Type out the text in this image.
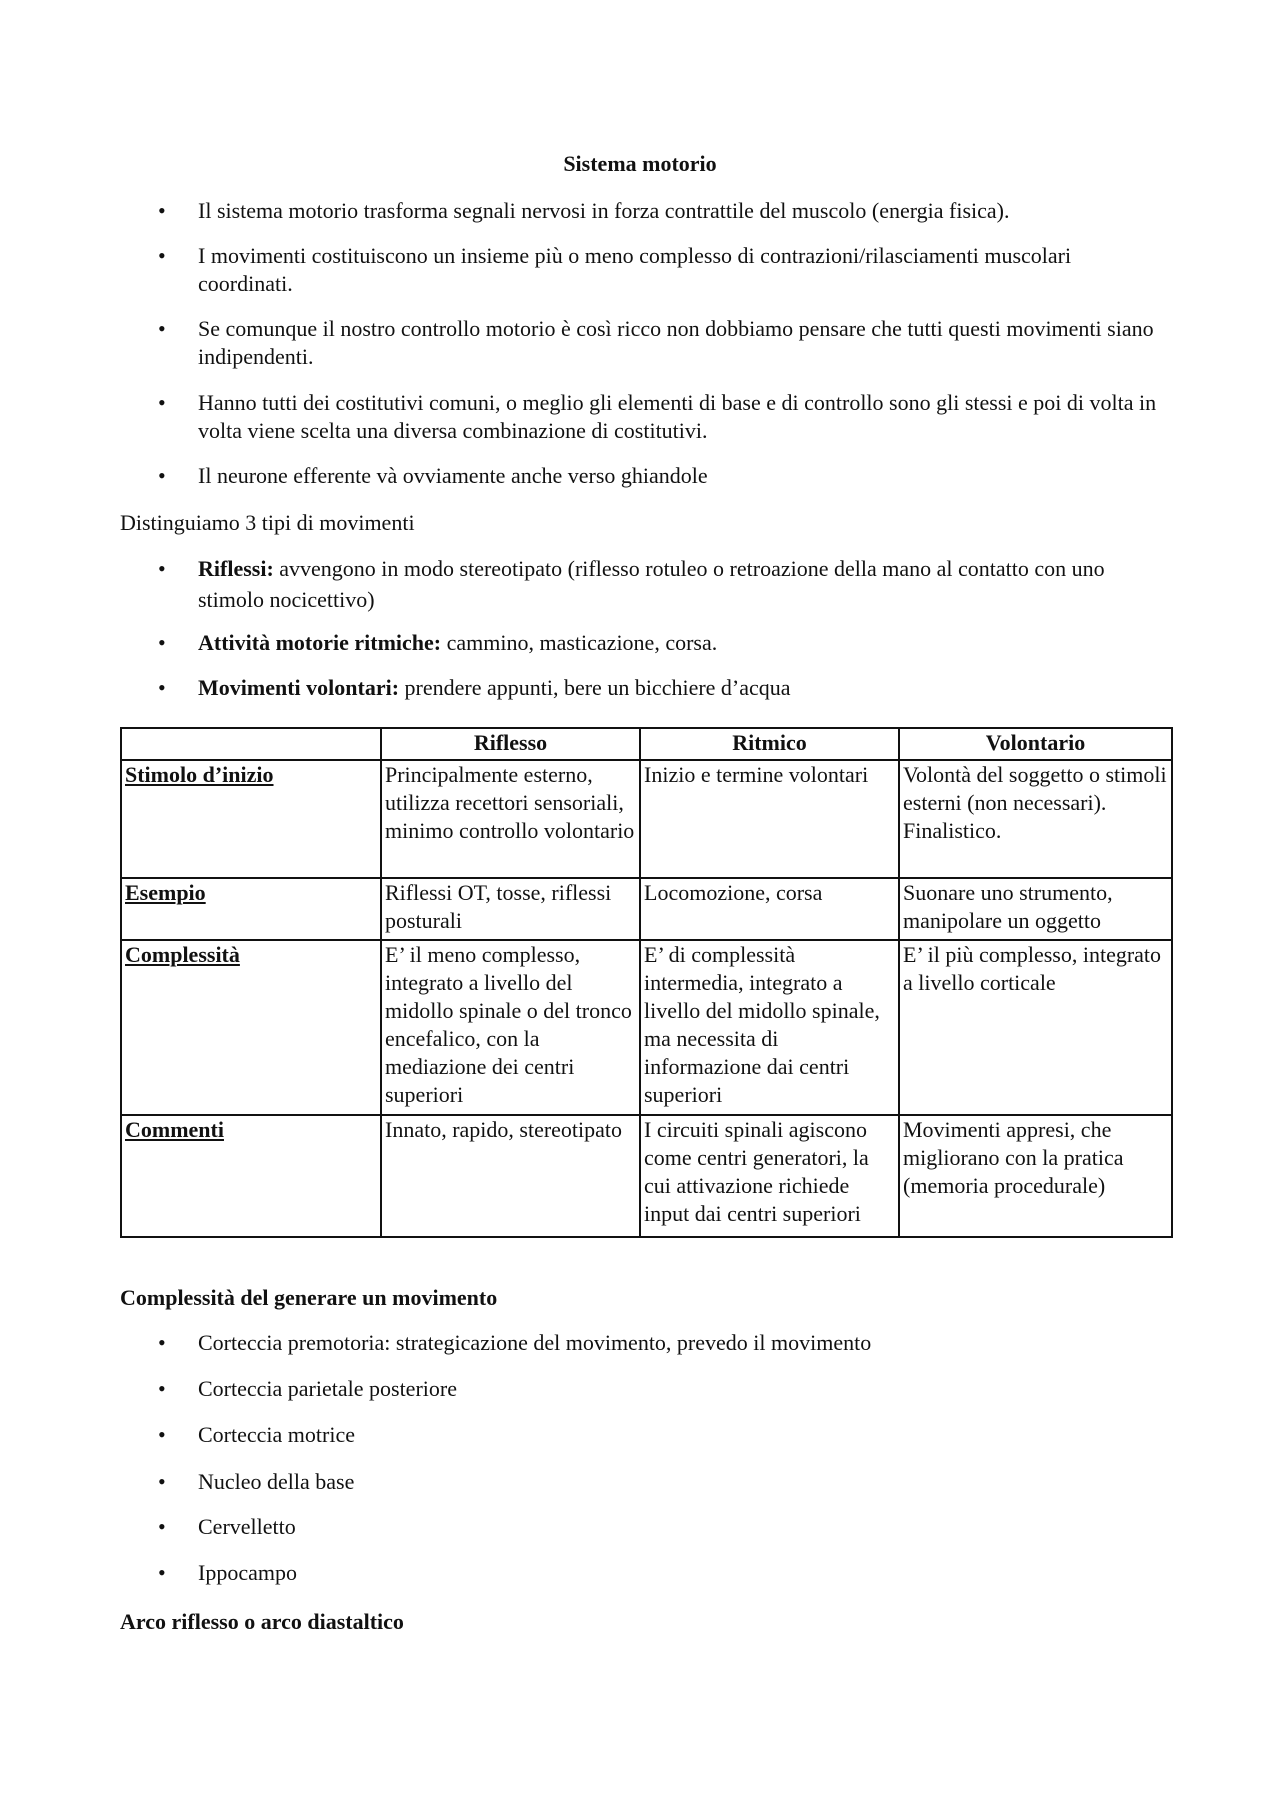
Sistema motorio
• Il sistema motorio trasforma segnali nervosi in forza contrattile del muscolo (energia fisica).
• I movimenti costituiscono un insieme più o meno complesso di contrazioni/rilasciamenti muscolari coordinati.
• Se comunque il nostro controllo motorio è così ricco non dobbiamo pensare che tutti questi movimenti siano indipendenti.
• Hanno tutti dei costitutivi comuni, o meglio gli elementi di base e di controllo sono gli stessi e poi di volta in volta viene scelta una diversa combinazione di costitutivi.
• Il neurone efferente và ovviamente anche verso ghiandole
Distinguiamo 3 tipi di movimenti
• Riflessi: avvengono in modo stereotipato (riflesso rotuleo o retroazione della mano al contatto con uno stimolo nocicettivo)
• Attività motorie ritmiche: cammino, masticazione, corsa.
• Movimenti volontari: prendere appunti, bere un bicchiere d’acqua
	Riflesso	Ritmico	Volontario
Stimolo d’inizio	Principalmente esterno, utilizza recettori sensoriali, minimo controllo volontario	Inizio e termine volontari	Volontà del soggetto o stimoli esterni (non necessari). Finalistico.
Esempio	Riflessi OT, tosse, riflessi posturali	Locomozione, corsa	Suonare uno strumento, manipolare un oggetto
Complessità	E’ il meno complesso, integrato a livello del midollo spinale o del tronco encefalico, con la mediazione dei centri superiori	E’ di complessità intermedia, integrato a livello del midollo spinale, ma necessita di informazione dai centri superiori	E’ il più complesso, integrato a livello corticale
Commenti	Innato, rapido, stereotipato	I circuiti spinali agiscono come centri generatori, la cui attivazione richiede input dai centri superiori	Movimenti appresi, che migliorano con la pratica (memoria procedurale)
Complessità del generare un movimento
• Corteccia premotoria: strategicazione del movimento, prevedo il movimento
• Corteccia parietale posteriore
• Corteccia motrice
• Nucleo della base
• Cervelletto
• Ippocampo
Arco riflesso o arco diastaltico
